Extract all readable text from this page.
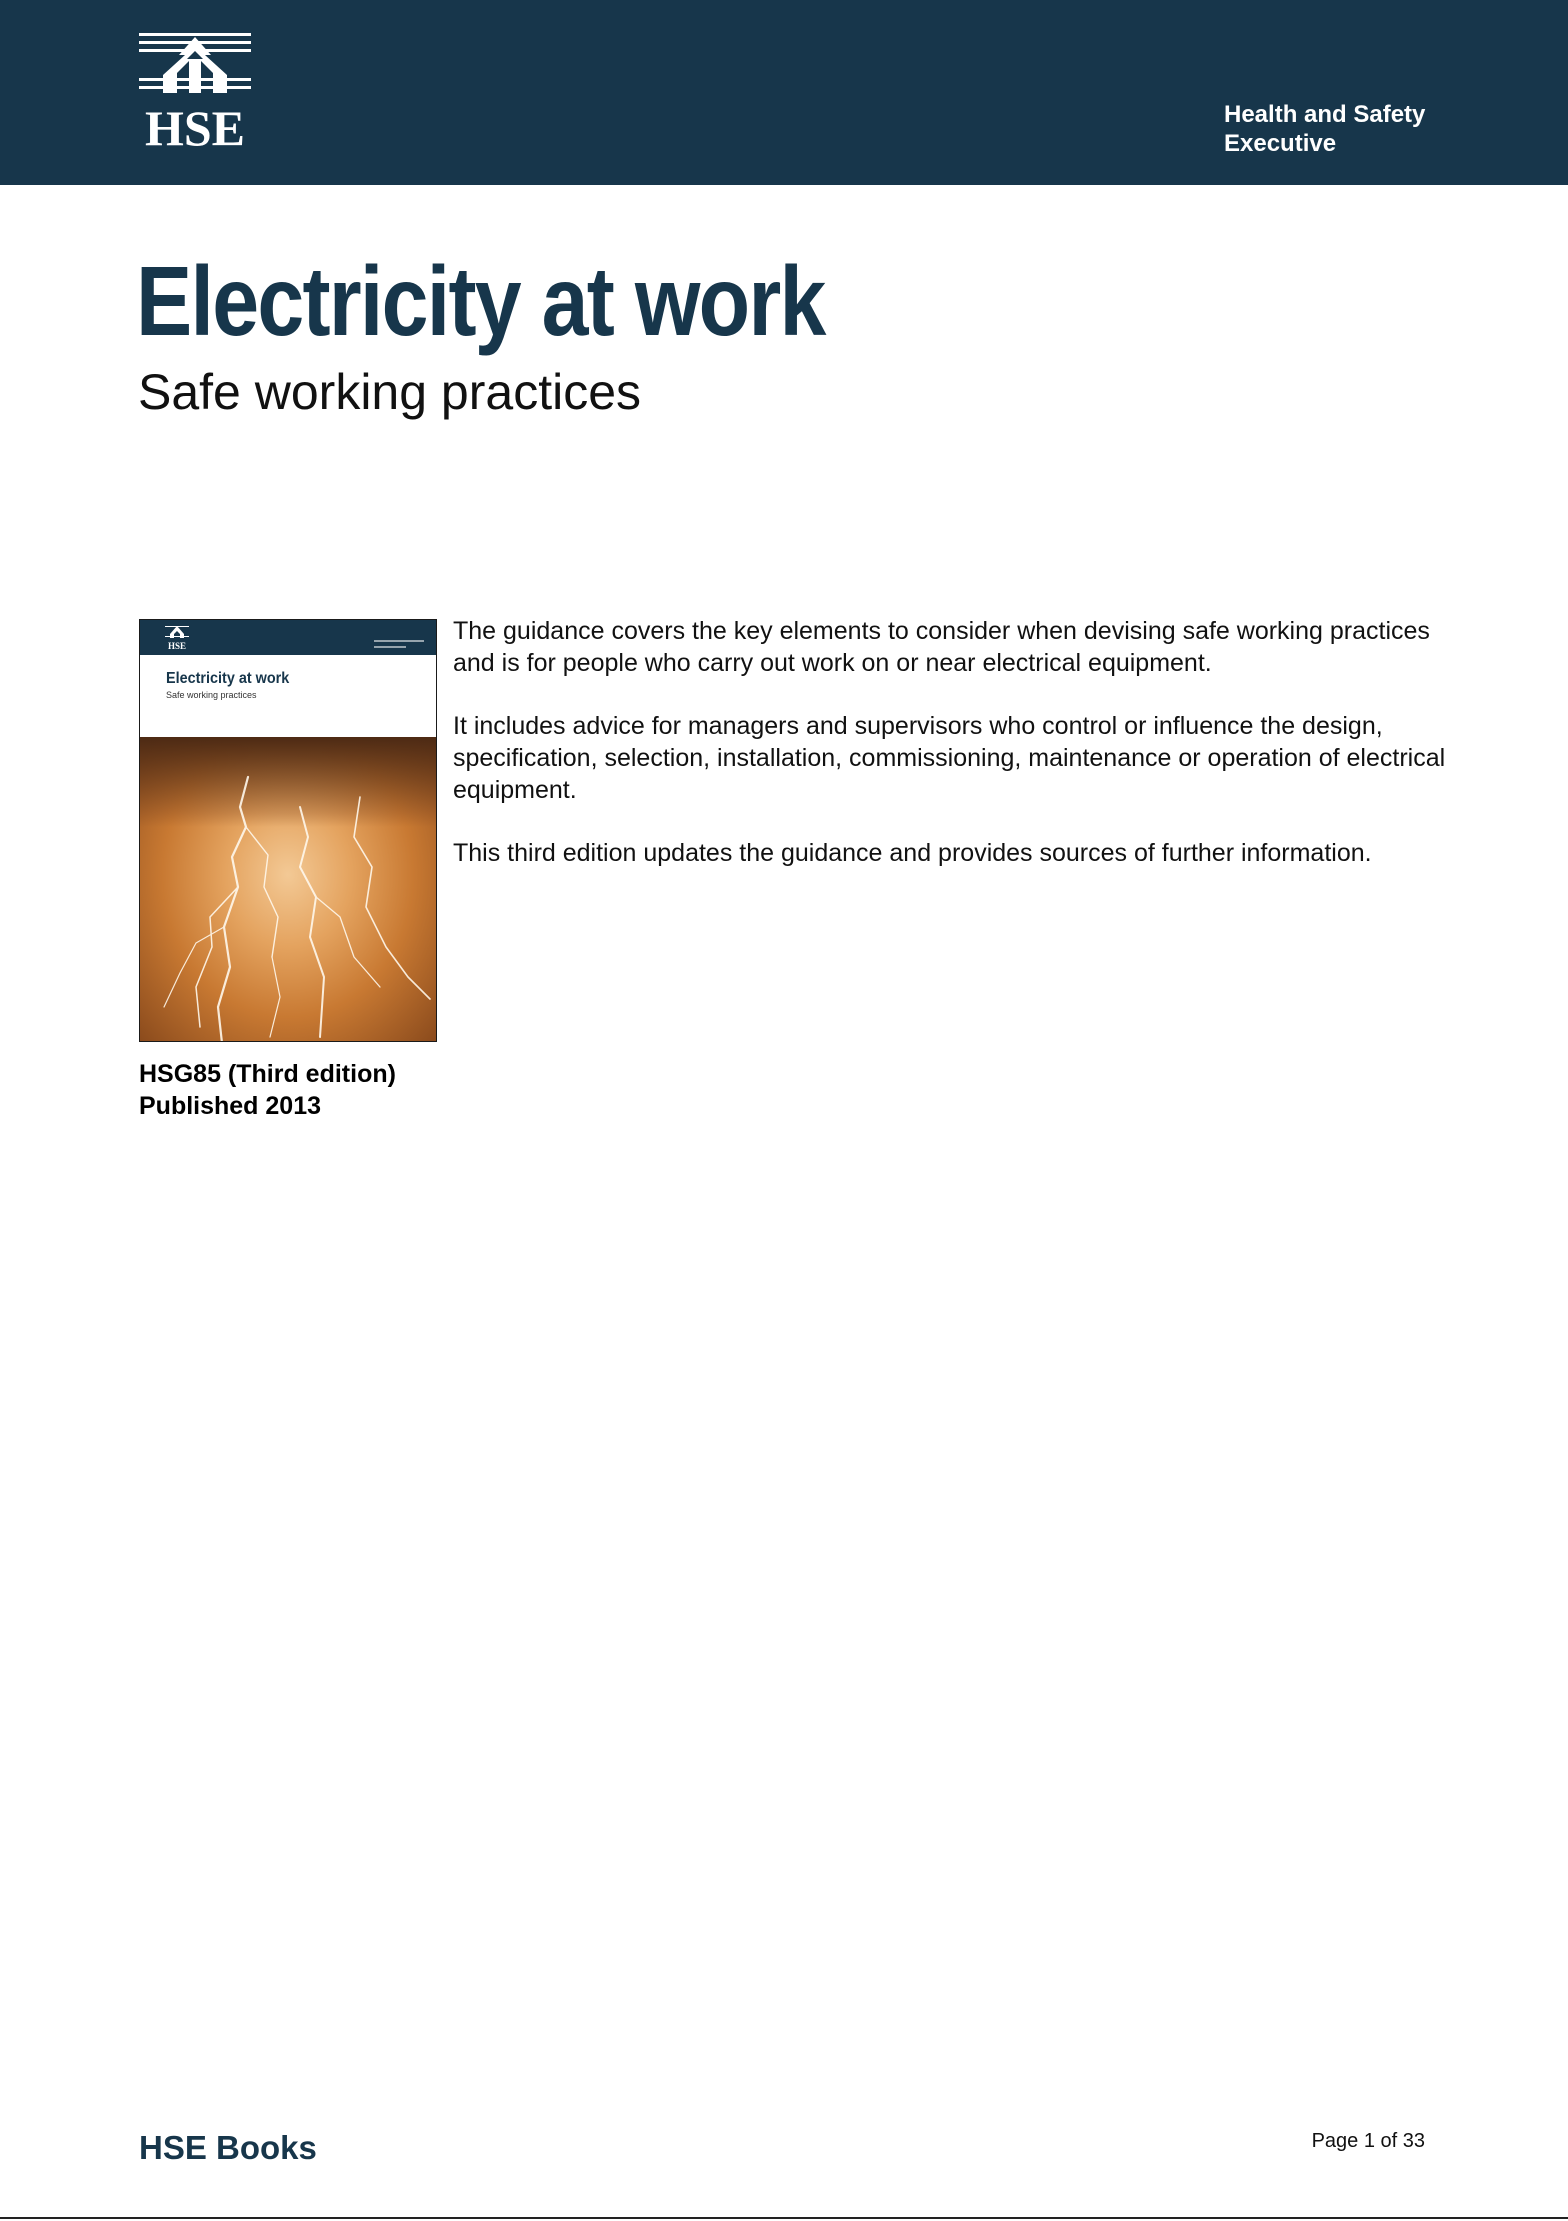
HSE	Health and Safety
Executive
Electricity at work
Safe working practices
HSE
Electricity at work
Safe working practices
HSG85 (Third edition)
Published 2013

The guidance covers the key elements to consider when devising safe working practices and is for people who carry out work on or near electrical equipment.

It includes advice for managers and supervisors who control or influence the design, specification, selection, installation, commissioning, maintenance or operation of electrical equipment.

This third edition updates the guidance and provides sources of further information.

HSE Books	Page 1 of 33
